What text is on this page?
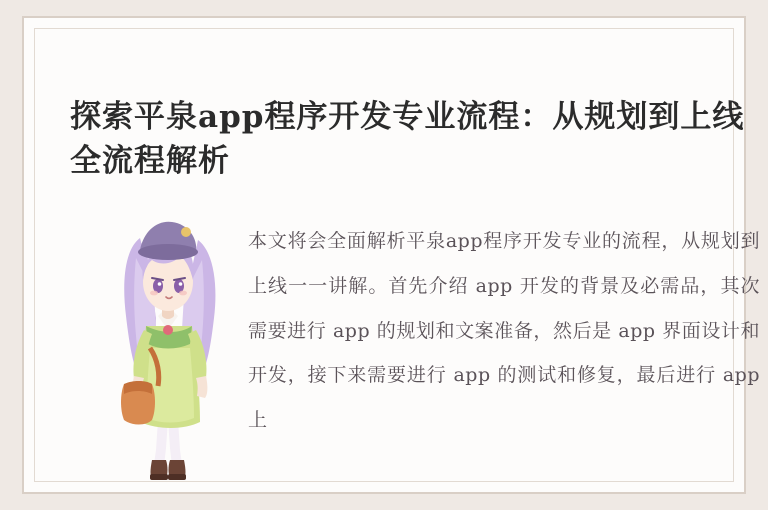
探索平泉app程序开发专业流程：从规划到上线全流程解析

本文将会全面解析平泉app程序开发专业的流程，从规划到上线一一讲解。首先介绍 app 开发的背景及必需品，其次需要进行 app 的规划和文案准备，然后是 app 界面设计和开发，接下来需要进行 app 的测试和修复，最后进行 app 上
